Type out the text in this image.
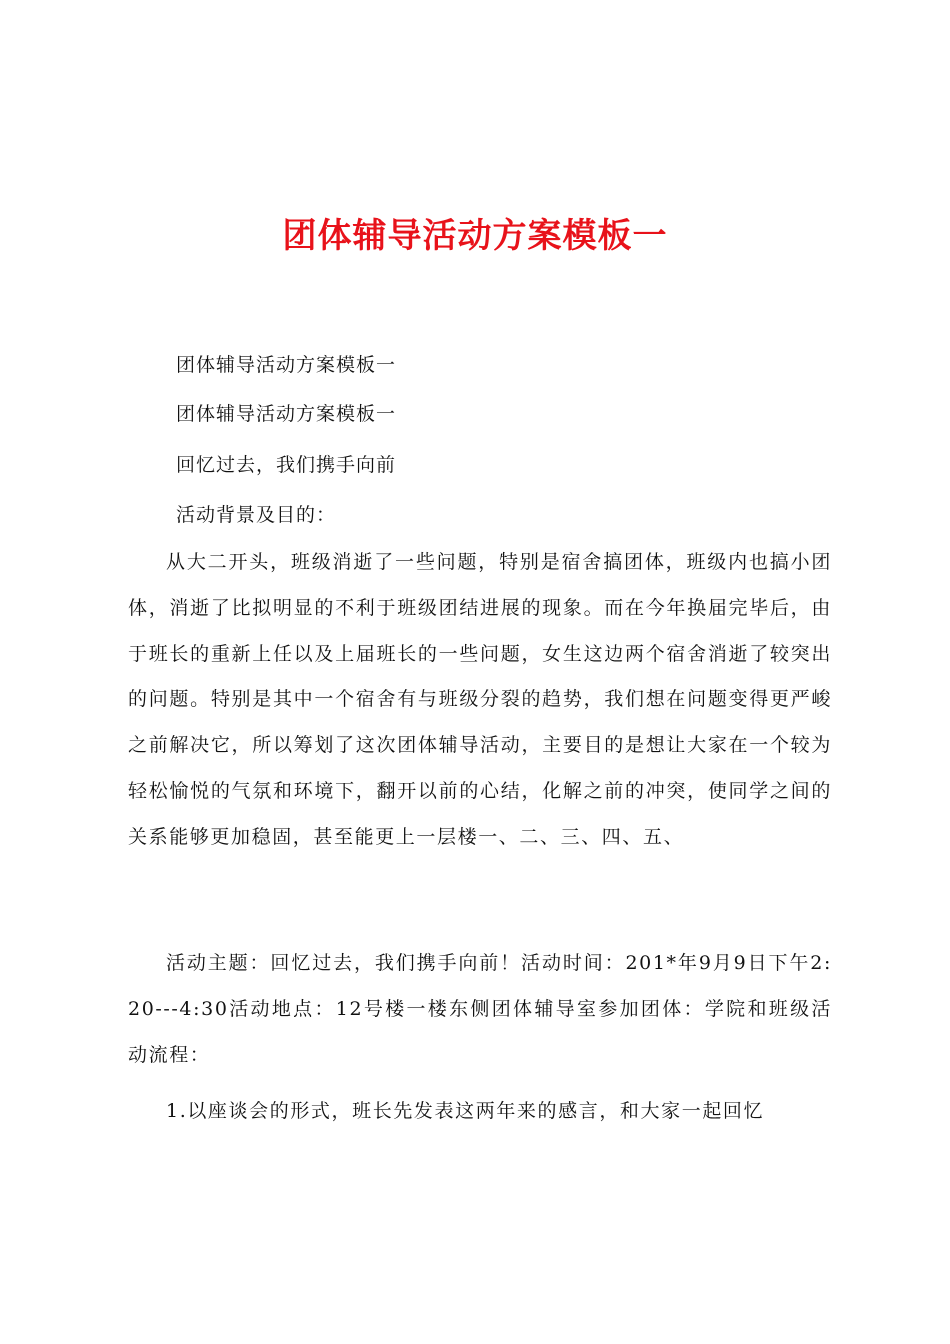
团体辅导活动方案模板一
团体辅导活动方案模板一
团体辅导活动方案模板一
回忆过去，我们携手向前
活动背景及目的：
从大二开头，班级消逝了一些问题，特别是宿舍搞团体，班级内也搞小团体，消逝了比拟明显的不利于班级团结进展的现象。而在今年换届完毕后，由于班长的重新上任以及上届班长的一些问题，女生这边两个宿舍消逝了较突出的问题。特别是其中一个宿舍有与班级分裂的趋势，我们想在问题变得更严峻之前解决它，所以筹划了这次团体辅导活动，主要目的是想让大家在一个较为轻松愉悦的气氛和环境下，翻开以前的心结，化解之前的冲突，使同学之间的关系能够更加稳固，甚至能更上一层楼一、二、三、四、五、
活动主题：回忆过去，我们携手向前！活动时间：201*年9月9日下午2:20---4:30活动地点：12号楼一楼东侧团体辅导室参加团体：学院和班级活动流程：
1.以座谈会的形式，班长先发表这两年来的感言，和大家一起回忆
